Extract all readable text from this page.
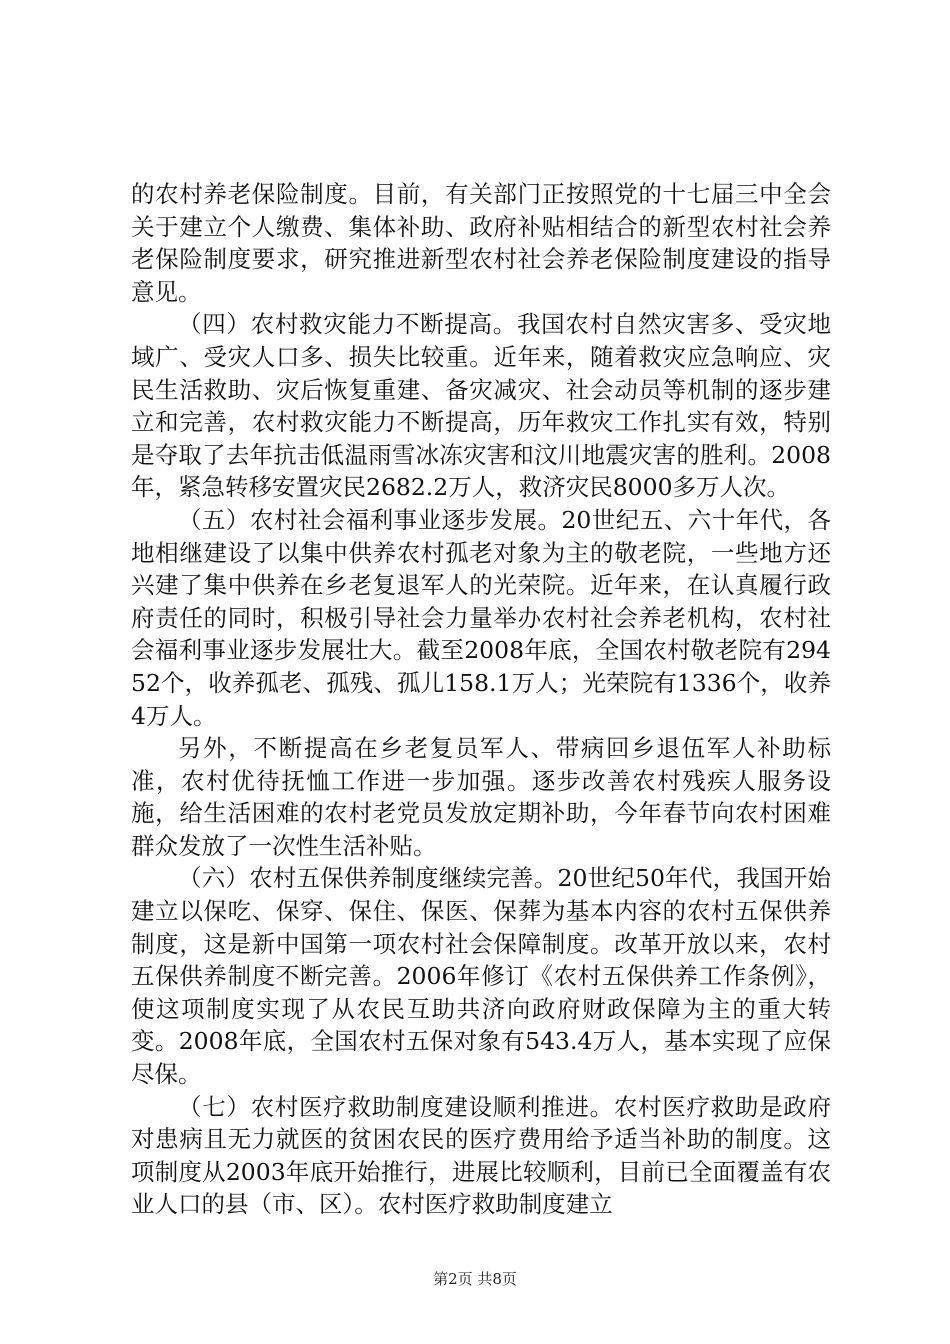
的农村养老保险制度。目前，有关部门正按照党的十七届三中全会关于建立个人缴费、集体补助、政府补贴相结合的新型农村社会养老保险制度要求，研究推进新型农村社会养老保险制度建设的指导意见。

（四）农村救灾能力不断提高。我国农村自然灾害多、受灾地域广、受灾人口多、损失比较重。近年来，随着救灾应急响应、灾民生活救助、灾后恢复重建、备灾减灾、社会动员等机制的逐步建立和完善，农村救灾能力不断提高，历年救灾工作扎实有效，特别是夺取了去年抗击低温雨雪冰冻灾害和汶川地震灾害的胜利。2008年，紧急转移安置灾民2682.2万人，救济灾民8000多万人次。

（五）农村社会福利事业逐步发展。20世纪五、六十年代，各地相继建设了以集中供养农村孤老对象为主的敬老院，一些地方还兴建了集中供养在乡老复退军人的光荣院。近年来，在认真履行政府责任的同时，积极引导社会力量举办农村社会养老机构，农村社会福利事业逐步发展壮大。截至2008年底，全国农村敬老院有29452个，收养孤老、孤残、孤儿158.1万人；光荣院有1336个，收养4万人。

另外，不断提高在乡老复员军人、带病回乡退伍军人补助标准，农村优待抚恤工作进一步加强。逐步改善农村残疾人服务设施，给生活困难的农村老党员发放定期补助，今年春节向农村困难群众发放了一次性生活补贴。

（六）农村五保供养制度继续完善。20世纪50年代，我国开始建立以保吃、保穿、保住、保医、保葬为基本内容的农村五保供养制度，这是新中国第一项农村社会保障制度。改革开放以来，农村五保供养制度不断完善。2006年修订《农村五保供养工作条例》，使这项制度实现了从农民互助共济向政府财政保障为主的重大转变。2008年底，全国农村五保对象有543.4万人，基本实现了应保尽保。

（七）农村医疗救助制度建设顺利推进。农村医疗救助是政府对患病且无力就医的贫困农民的医疗费用给予适当补助的制度。这项制度从2003年底开始推行，进展比较顺利，目前已全面覆盖有农业人口的县（市、区）。农村医疗救助制度建立

第2页 共8页
